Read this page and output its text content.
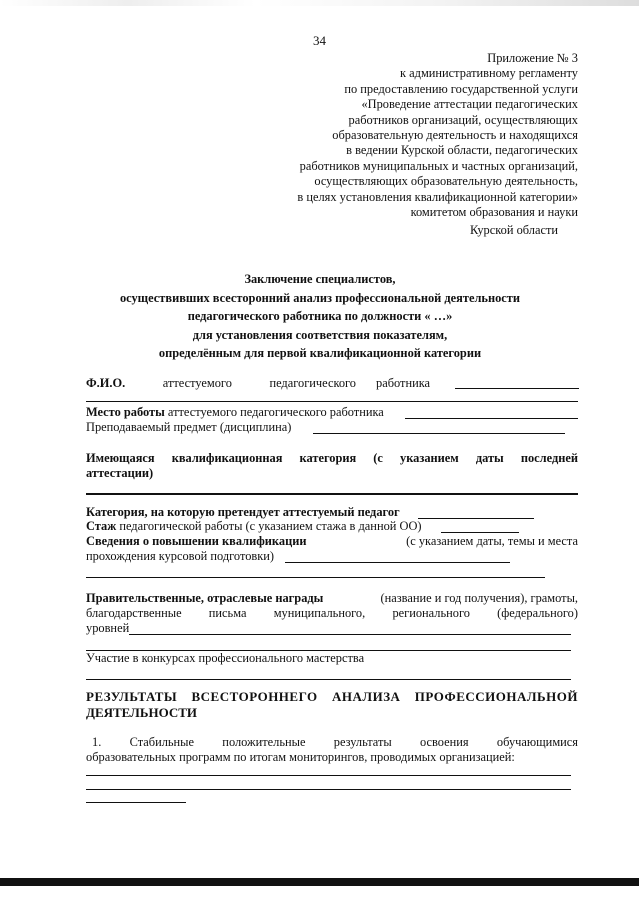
34
Приложение № 3
к административному регламенту
по предоставлению государственной услуги
«Проведение аттестации педагогических
работников организаций, осуществляющих
образовательную деятельность и находящихся
в ведении Курской области, педагогических
работников муниципальных и частных организаций,
осуществляющих образовательную деятельность,
в целях установления квалификационной категории»
комитетом образования и науки
Курской области
Заключение специалистов,
осуществивших всесторонний анализ профессиональной деятельности
педагогического работника по должности « …»
для установления соответствия показателям,
определённым для первой квалификационной категории
Ф.И.О.	аттестуемого	педагогического работника
Место работы аттестуемого педагогического работника
Преподаваемый предмет (дисциплина)
Имеющаяся квалификационная категория (с указанием даты последней
аттестации)
Категория, на которую претендует аттестуемый педагог
Стаж педагогической работы (с указанием стажа в данной ОО)
Сведения о повышении квалификации	(с указанием даты, темы и места
прохождения курсовой подготовки)
Правительственные, отраслевые награды	(название и год получения), грамоты,
благодарственные письма муниципального, регионального (федерального)
уровней
Участие в конкурсах профессионального мастерства
РЕЗУЛЬТАТЫ ВСЕСТОРОННЕГО АНАЛИЗА ПРОФЕССИОНАЛЬНОЙ
ДЕЯТЕЛЬНОСТИ
1. Стабильные положительные результаты освоения обучающимися
образовательных программ по итогам мониторингов, проводимых организацией:
